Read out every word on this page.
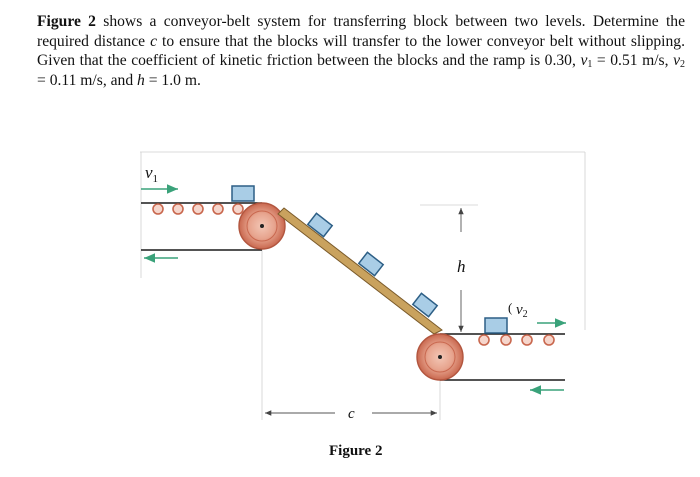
Figure 2 shows a conveyor-belt system for transferring block between two levels. Determine the required distance c to ensure that the blocks will transfer to the lower conveyor belt without slipping. Given that the coefficient of kinetic friction between the blocks and the ramp is 0.30, $v_1 = 0.51$ m/s, $v_2 = 0.11$ m/s, and h = 1.0 m.
$v_1$
$v_2$
(
h
c
Figure 2
